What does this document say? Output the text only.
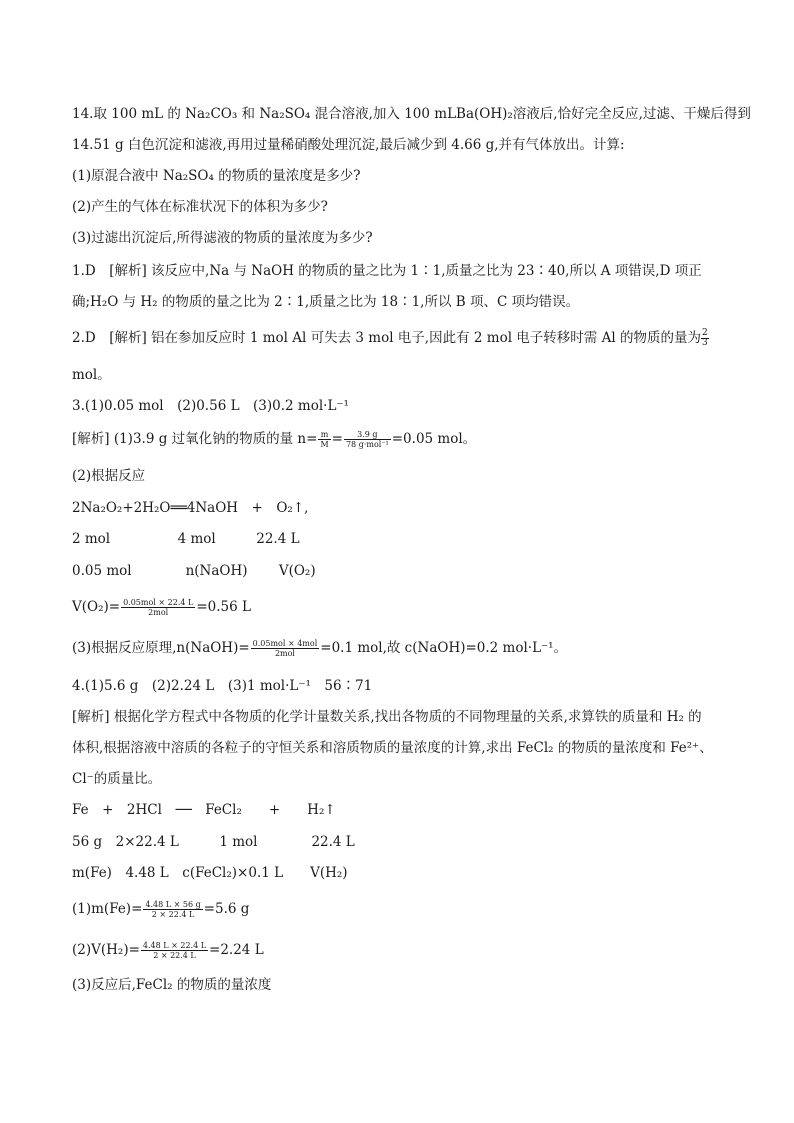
14.取 100 mL 的 Na₂CO₃ 和 Na₂SO₄ 混合溶液,加入 100 mLBa(OH)₂溶液后,恰好完全反应,过滤、干燥后得到
14.51 g 白色沉淀和滤液,再用过量稀硝酸处理沉淀,最后减少到 4.66 g,并有气体放出。计算:
(1)原混合液中 Na₂SO₄ 的物质的量浓度是多少?
(2)产生的气体在标准状况下的体积为多少?
(3)过滤出沉淀后,所得滤液的物质的量浓度为多少?
1.D　[解析] 该反应中,Na 与 NaOH 的物质的量之比为 1∶1,质量之比为 23∶40,所以 A 项错误,D 项正
确;H₂O 与 H₂ 的物质的量之比为 2∶1,质量之比为 18∶1,所以 B 项、C 项均错误。
2.D　[解析] 铝在参加反应时 1 mol Al 可失去 3 mol 电子,因此有 2 mol 电子转移时需 Al 的物质的量为 $\frac{2}{3}$
mol。
3.(1)0.05 mol　(2)0.56 L　(3)0.2 mol·L⁻¹
[解析] (1)3.9 g 过氧化钠的物质的量 $n= \frac{m}{M} = \frac{3.9 g}{\text{78 g·mol⁻¹}} =0.05$ mol。
(2)根据反应
2Na₂O₂+2H₂O══4NaOH　+　O₂↑,
2 mol　　　　　4 mol　　　22.4 L
0.05 mol　　　　n(NaOH)　　 V(O₂)
$V(O_2)= \frac{\text{0.05mol × 22.4 L}}{\text{2mol}} =0.56$ L
(3)根据反应原理,n(NaOH)= $\frac{\text{0.05mol × 4mol}}{\text{2mol}} =0.1$ mol,故 c(NaOH)=0.2 mol·L⁻¹。
4.(1)5.6 g　(2)2.24 L　(3)1 mol·L⁻¹　56∶71
[解析] 根据化学方程式中各物质的化学计量数关系,找出各物质的不同物理量的关系,求算铁的质量和 H₂ 的
体积,根据溶液中溶质的各粒子的守恒关系和溶质物质的量浓度的计算,求出 FeCl₂ 的物质的量浓度和 Fe²⁺、
Cl⁻的质量比。
Fe　+　2HCl　──　FeCl₂　　+　　H₂↑
56 g　2×22.4 L　　　1 mol　　　　22.4 L
m(Fe)　4.48 L　c(FeCl₂)×0.1 L　　V(H₂)
$(1)m(Fe)= \frac{4.48 L \times 56 g}{2 \times 22.4 L} =5.6$ g
$(2)V(H_2)= \frac{4.48 L \times 22.4 L}{2 \times 22.4 L} =2.24$ L
(3)反应后,FeCl₂ 的物质的量浓度
